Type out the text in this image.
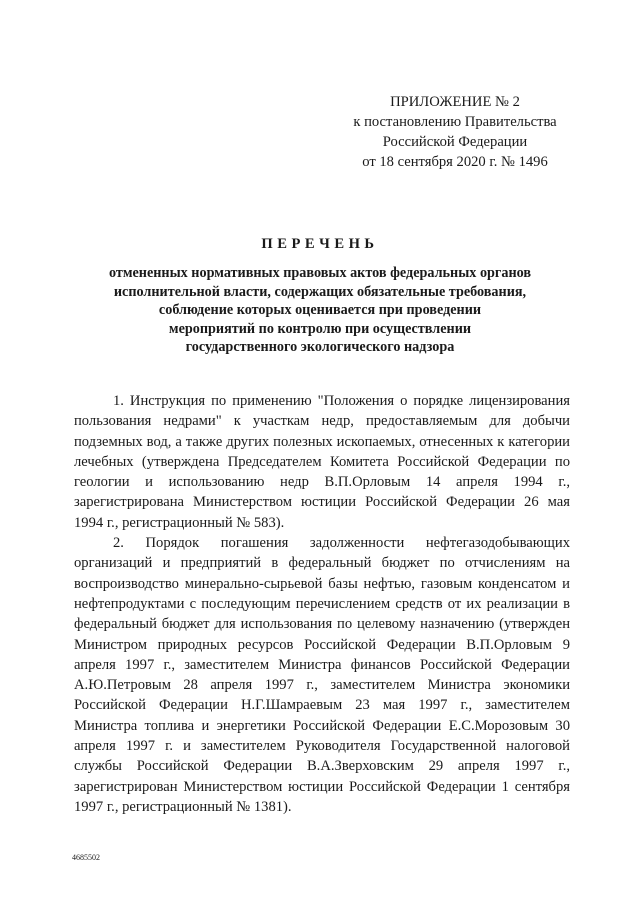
ПРИЛОЖЕНИЕ № 2
к постановлению Правительства
Российской Федерации
от 18 сентября 2020 г. № 1496
ПЕРЕЧЕНЬ
отмененных нормативных правовых актов федеральных органов
исполнительной власти, содержащих обязательные требования,
соблюдение которых оценивается при проведении
мероприятий по контролю при осуществлении
государственного экологического надзора

1. Инструкция по применению "Положения о порядке лицензирования пользования недрами" к участкам недр, предоставляемым для добычи подземных вод, а также других полезных ископаемых, отнесенных к категории лечебных (утверждена Председателем Комитета Российской Федерации по геологии и использованию недр В.П.Орловым 14 апреля 1994 г., зарегистрирована Министерством юстиции Российской Федерации 26 мая 1994 г., регистрационный № 583).

2. Порядок погашения задолженности нефтегазодобывающих организаций и предприятий в федеральный бюджет по отчислениям на воспроизводство минерально-сырьевой базы нефтью, газовым конденсатом и нефтепродуктами с последующим перечислением средств от их реализации в федеральный бюджет для использования по целевому назначению (утвержден Министром природных ресурсов Российской Федерации В.П.Орловым 9 апреля 1997 г., заместителем Министра финансов Российской Федерации А.Ю.Петровым 28 апреля 1997 г., заместителем Министра экономики Российской Федерации Н.Г.Шамраевым 23 мая 1997 г., заместителем Министра топлива и энергетики Российской Федерации Е.С.Морозовым 30 апреля 1997 г. и заместителем Руководителя Государственной налоговой службы Российской Федерации В.А.Зверховским 29 апреля 1997 г., зарегистрирован Министерством юстиции Российской Федерации 1 сентября 1997 г., регистрационный № 1381).

4685502
